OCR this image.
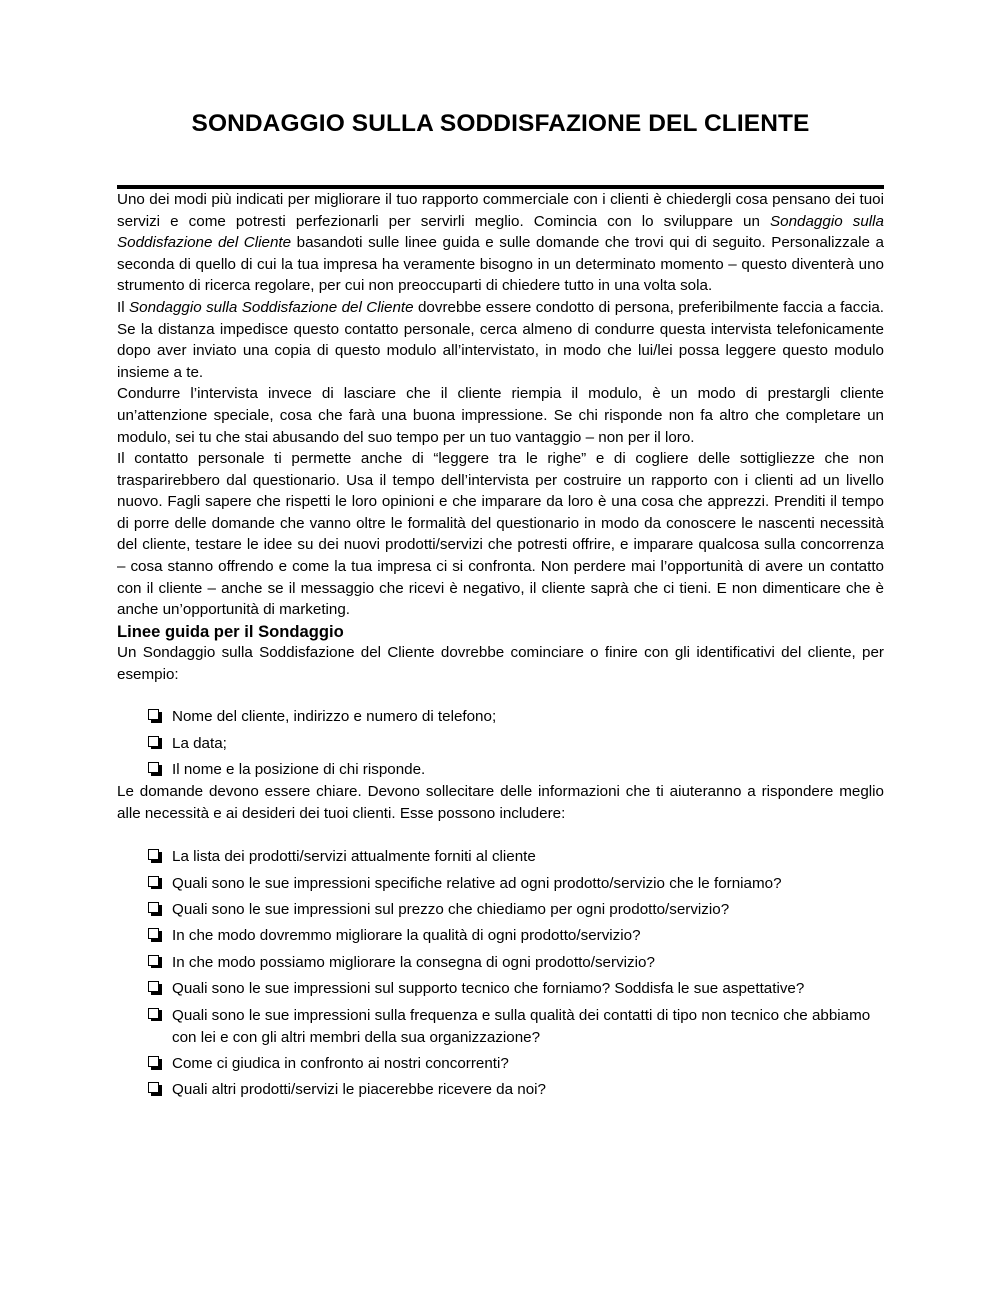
SONDAGGIO SULLA SODDISFAZIONE DEL CLIENTE

Uno dei modi più indicati per migliorare il tuo rapporto commerciale con i clienti è chiedergli cosa pensano dei tuoi servizi e come potresti perfezionarli per servirli meglio. Comincia con lo sviluppare un Sondaggio sulla Soddisfazione del Cliente basandoti sulle linee guida e sulle domande che trovi qui di seguito. Personalizzale a seconda di quello di cui la tua impresa ha veramente bisogno in un determinato momento – questo diventerà uno strumento di ricerca regolare, per cui non preoccuparti di chiedere tutto in una volta sola.

Il Sondaggio sulla Soddisfazione del Cliente dovrebbe essere condotto di persona, preferibilmente faccia a faccia. Se la distanza impedisce questo contatto personale, cerca almeno di condurre questa intervista telefonicamente dopo aver inviato una copia di questo modulo all’intervistato, in modo che lui/lei possa leggere questo modulo insieme a te.

Condurre l’intervista invece di lasciare che il cliente riempia il modulo, è un modo di prestargli cliente un’attenzione speciale, cosa che farà una buona impressione. Se chi risponde non fa altro che completare un modulo, sei tu che stai abusando del suo tempo per un tuo vantaggio – non per il loro.

Il contatto personale ti permette anche di “leggere tra le righe” e di cogliere delle sottigliezze che non trasparirebbero dal questionario. Usa il tempo dell’intervista per costruire un rapporto con i clienti ad un livello nuovo. Fagli sapere che rispetti le loro opinioni e che imparare da loro è una cosa che apprezzi. Prenditi il tempo di porre delle domande che vanno oltre le formalità del questionario in modo da conoscere le nascenti necessità del cliente, testare le idee su dei nuovi prodotti/servizi che potresti offrire, e imparare qualcosa sulla concorrenza – cosa stanno offrendo e come la tua impresa ci si confronta. Non perdere mai l’opportunità di avere un contatto con il cliente – anche se il messaggio che ricevi è negativo, il cliente saprà che ci tieni. E non dimenticare che è anche un’opportunità di marketing.

Linee guida per il Sondaggio

Un Sondaggio sulla Soddisfazione del Cliente dovrebbe cominciare o finire con gli identificativi del cliente, per esempio:

Nome del cliente, indirizzo e numero di telefono;
La data;
Il nome e la posizione di chi risponde.

Le domande devono essere chiare. Devono sollecitare delle informazioni che ti aiuteranno a rispondere meglio alle necessità e ai desideri dei tuoi clienti. Esse possono includere:

La lista dei prodotti/servizi attualmente forniti al cliente
Quali sono le sue impressioni specifiche relative ad ogni prodotto/servizio che le forniamo?
Quali sono le sue impressioni sul prezzo che chiediamo per ogni prodotto/servizio?
In che modo dovremmo migliorare la qualità di ogni prodotto/servizio?
In che modo possiamo migliorare la consegna di ogni prodotto/servizio?
Quali sono le sue impressioni sul supporto tecnico che forniamo? Soddisfa le sue aspettative?
Quali sono le sue impressioni sulla frequenza e sulla qualità dei contatti di tipo non tecnico che abbiamo con lei e con gli altri membri della sua organizzazione?
Come ci giudica in confronto ai nostri concorrenti?
Quali altri prodotti/servizi le piacerebbe ricevere da noi?
